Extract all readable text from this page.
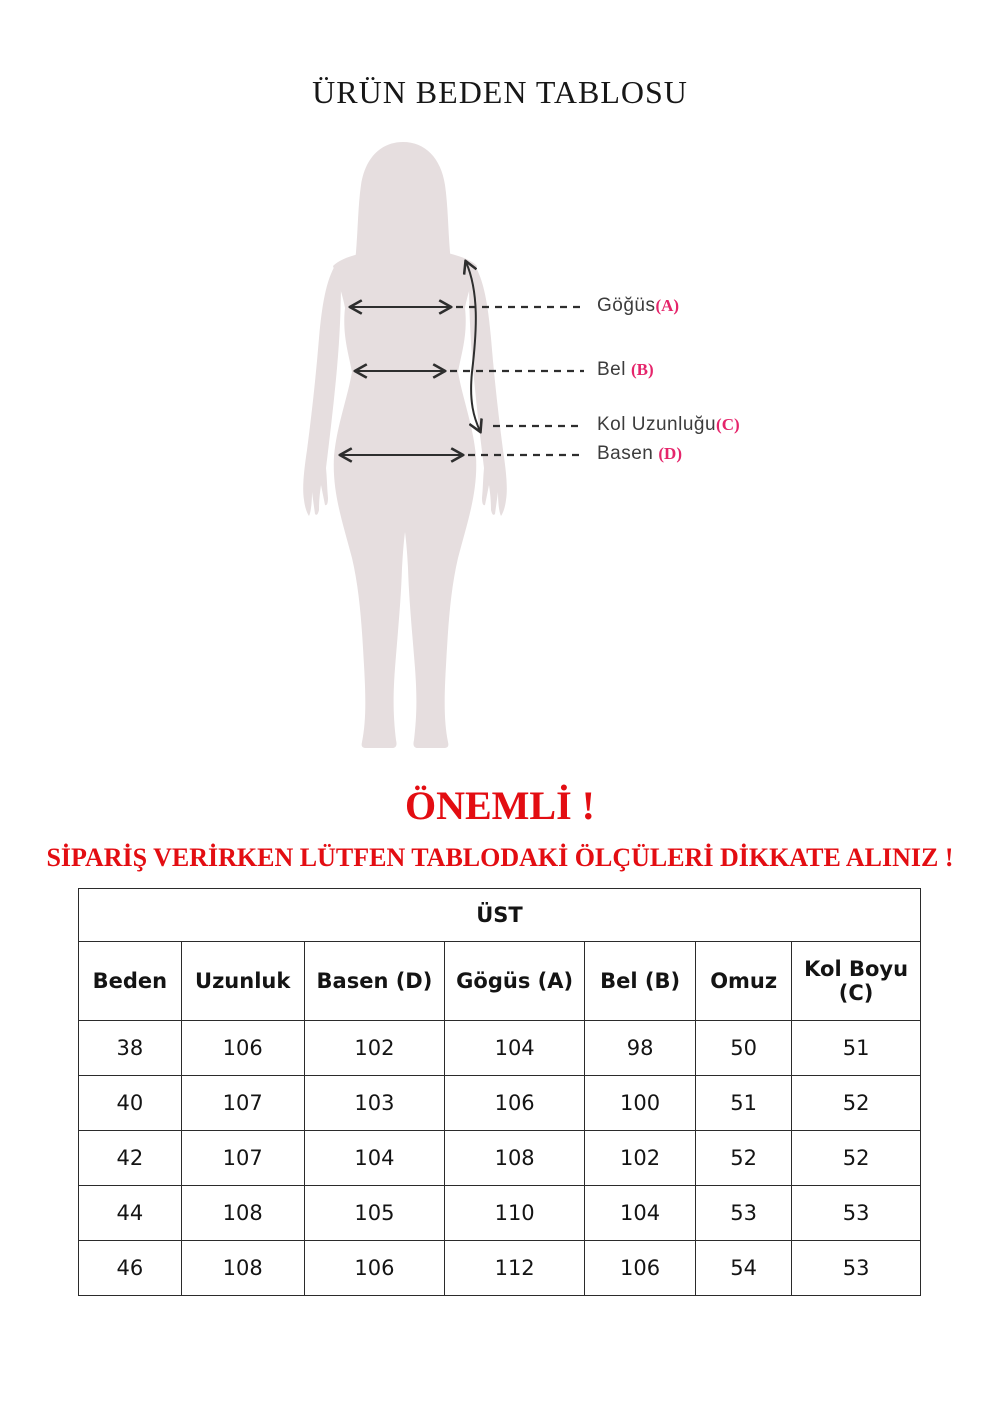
ÜRÜN BEDEN TABLOSU
Göğüs(A)
Bel (B)
Kol Uzunluğu(C)
Basen (D)
ÖNEMLİ !

SİPARİŞ VERİRKEN LÜTFEN TABLODAKİ ÖLÇÜLERİ DİKKATE ALINIZ !

ÜST						
Beden	Uzunluk	Basen (D)	Gögüs (A)	Bel (B)	Omuz	Kol Boyu (C)
38	106	102	104	98	50	51
40	107	103	106	100	51	52
42	107	104	108	102	52	52
44	108	105	110	104	53	53
46	108	106	112	106	54	53
